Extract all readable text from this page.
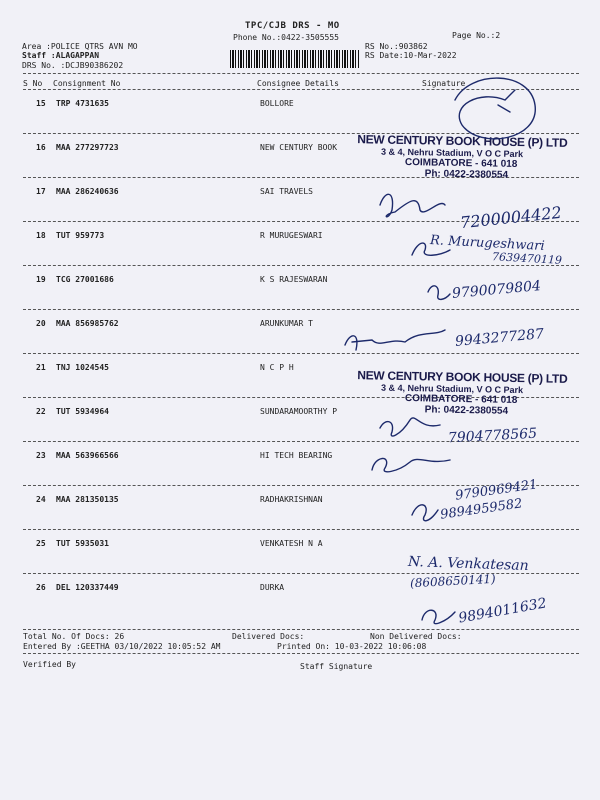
TPC/CJB DRS - MO
Phone No.:0422-3505555	Page No.:2
Area :POLICE QTRS AVN MO
Staff :ALAGAPPAN
DRS No. :DCJB90386202
RS No.:903862
RS Date:10-Mar-2022
S No Consignment No	Consignee Details	Signature
15 TRP 4731635	BOLLORE
16 MAA 277297723	NEW CENTURY BOOK
17 MAA 286240636	SAI TRAVELS
18 TUT 959773	R MURUGESWARI
19 TCG 27001686	K S RAJESWARAN
20 MAA 856985762	ARUNKUMAR T
21 TNJ 1024545	N C P H
22 TUT 5934964	SUNDARAMOORTHY P
23 MAA 563966566	HI TECH BEARING
24 MAA 281350135	RADHAKRISHNAN
25 TUT 5935031	VENKATESH N A
26 DEL 120337449	DURKA
NEW CENTURY BOOK HOUSE (P) LTD
3 & 4, Nehru Stadium, V O C Park
COIMBATORE - 641 018
Ph: 0422-2380554
NEW CENTURY BOOK HOUSE (P) LTD
3 & 4, Nehru Stadium, V O C Park
COIMBATORE - 641 018
Ph: 0422-2380554
7200004422
R. Murugeshwari
7639470119
9790079804
9943277287
7904778565
9790969421
9894959582
N. A. Venkatesan
(8608650141)
9894011632
Total No. Of Docs: 26	Delivered Docs:	Non Delivered Docs:
Entered By :GEETHA 03/10/2022 10:05:52 AM	Printed On: 10-03-2022 10:06:08
Verified By	Staff Signature
